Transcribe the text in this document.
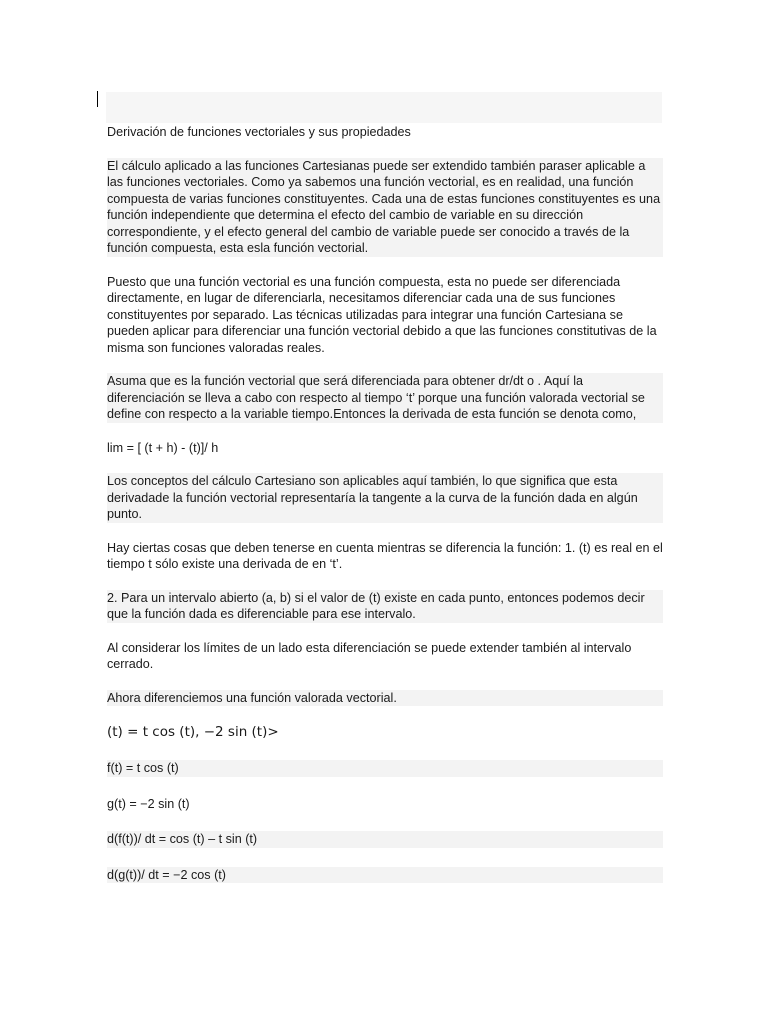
Derivación de funciones vectoriales y sus propiedades

El cálculo aplicado a las funciones Cartesianas puede ser extendido también paraser aplicable a las funciones vectoriales. Como ya sabemos una función vectorial, es en realidad, una función compuesta de varias funciones constituyentes. Cada una de estas funciones constituyentes es una función independiente que determina el efecto del cambio de variable en su dirección correspondiente, y el efecto general del cambio de variable puede ser conocido a través de la función compuesta, esta esla función vectorial.

Puesto que una función vectorial es una función compuesta, esta no puede ser diferenciada directamente, en lugar de diferenciarla, necesitamos diferenciar cada una de sus funciones constituyentes por separado. Las técnicas utilizadas para integrar una función Cartesiana se pueden aplicar para diferenciar una función vectorial debido a que las funciones constitutivas de la misma son funciones valoradas reales.

Asuma que es la función vectorial que será diferenciada para obtener dr/dt o . Aquí la diferenciación se lleva a cabo con respecto al tiempo ‘t’ porque una función valorada vectorial se define con respecto a la variable tiempo.Entonces la derivada de esta función se denota como,

lim = [ (t + h) - (t)]/ h

Los conceptos del cálculo Cartesiano son aplicables aquí también, lo que significa que esta derivadade la función vectorial representaría la tangente a la curva de la función dada en algún punto.

Hay ciertas cosas que deben tenerse en cuenta mientras se diferencia la función: 1. (t) es real en el tiempo t sólo existe una derivada de en ‘t’.

2. Para un intervalo abierto (a, b) si el valor de (t) existe en cada punto, entonces podemos decir que la función dada es diferenciable para ese intervalo.

Al considerar los límites de un lado esta diferenciación se puede extender también al intervalo cerrado.

Ahora diferenciemos una función valorada vectorial.

(t) = t cos (t), −2 sin (t)>

f(t) = t cos (t)

g(t) = −2 sin (t)

d(f(t))/ dt = cos (t) – t sin (t)

d(g(t))/ dt = −2 cos (t)
